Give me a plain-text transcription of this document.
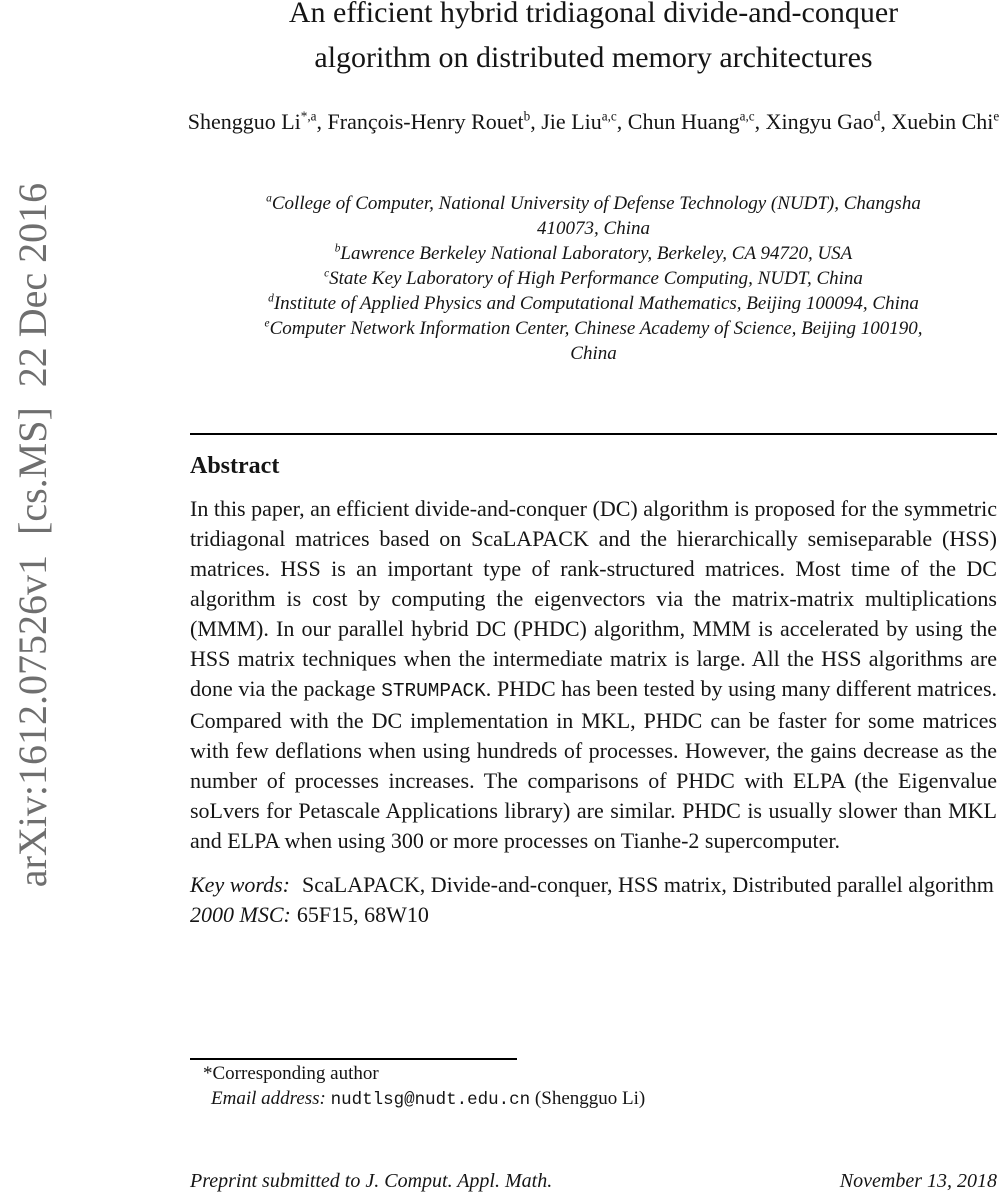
arXiv:1612.07526v1  [cs.MS]  22 Dec 2016
An efficient hybrid tridiagonal divide-and-conquer
algorithm on distributed memory architectures
Shengguo $Li^{*,a}$, François-Henry Rouet$^b$, Jie Liu$^{a,c}$, Chun Huang$^{a,c}$, Xingyu Gao$^d$, Xuebin Chi$^e$
$^a$College of Computer, National University of Defense Technology (NUDT), Changsha
410073, China
$^b$Lawrence Berkeley National Laboratory, Berkeley, CA 94720, USA
$^c$State Key Laboratory of High Performance Computing, NUDT, China
$^d$Institute of Applied Physics and Computational Mathematics, Beijing 100094, China
$^e$Computer Network Information Center, Chinese Academy of Science, Beijing 100190,
China
Abstract
In this paper, an efficient divide-and-conquer (DC) algorithm is proposed for the symmetric tridiagonal matrices based on ScaLAPACK and the hierarchically semiseparable (HSS) matrices. HSS is an important type of rank-structured matrices. Most time of the DC algorithm is cost by computing the eigenvectors via the matrix-matrix multiplications (MMM). In our parallel hybrid DC (PHDC) algorithm, MMM is accelerated by using the HSS matrix techniques when the intermediate matrix is large. All the HSS algorithms are done via the package STRUMPACK. PHDC has been tested by using many different matrices. Compared with the DC implementation in MKL, PHDC can be faster for some matrices with few deflations when using hundreds of processes. However, the gains decrease as the number of processes increases. The comparisons of PHDC with ELPA (the Eigenvalue soLvers for Petascale Applications library) are similar. PHDC is usually slower than MKL and ELPA when using 300 or more processes on Tianhe-2 supercomputer.
Key words: ScaLAPACK, Divide-and-conquer, HSS matrix, Distributed parallel algorithm
2000 MSC: 65F15, 68W10
*Corresponding author
Email address: nudtlsg@nudt.edu.cn (Shengguo Li)
Preprint submitted to J. Comput. Appl. Math.	November 13, 2018
